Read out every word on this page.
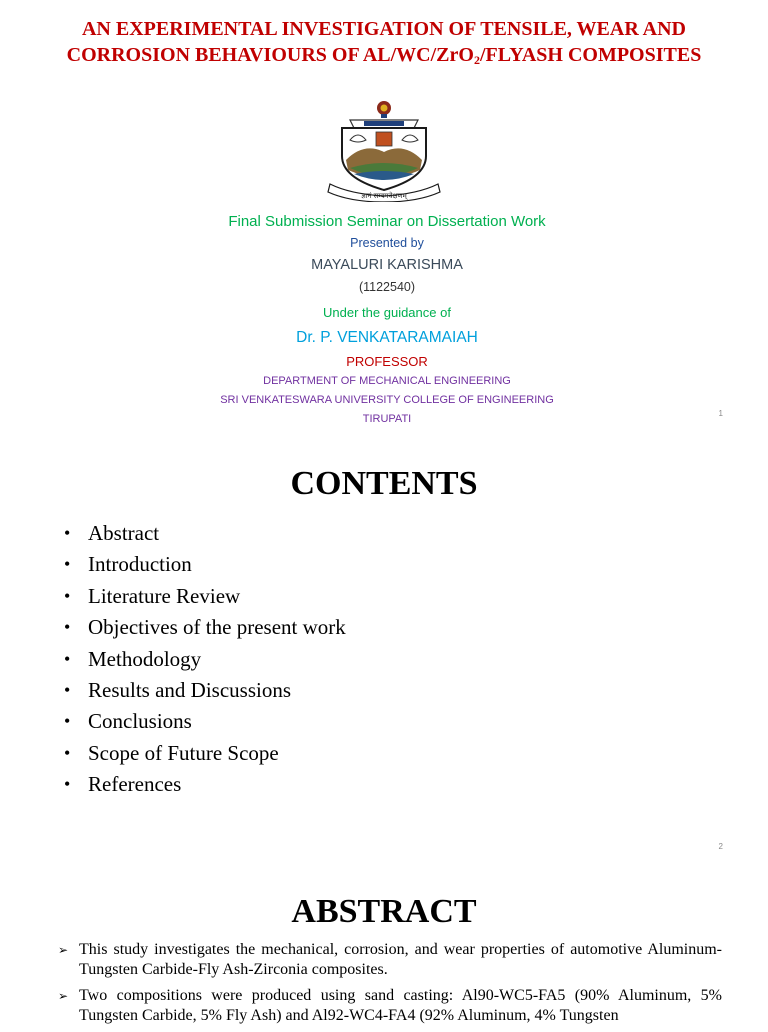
AN EXPERIMENTAL INVESTIGATION OF TENSILE, WEAR AND CORROSION BEHAVIOURS OF AL/WC/ZrO$_2$/FLYASH COMPOSITES
ज्ञानं सम्यगवेक्षणम्
Final Submission Seminar on Dissertation Work
Presented by
MAYALURI KARISHMA
(1122540)
Under the guidance of
Dr. P. VENKATARAMAIAH
PROFESSOR
DEPARTMENT OF MECHANICAL ENGINEERING
SRI VENKATESWARA UNIVERSITY COLLEGE OF ENGINEERING
TIRUPATI	1
CONTENTS
• Abstract
• Introduction
• Literature Review
• Objectives of the present work
• Methodology
• Results and Discussions
• Conclusions
• Scope of Future Scope
• References
2
ABSTRACT
➢ This study investigates the mechanical, corrosion, and wear properties of automotive Aluminum-Tungsten Carbide-Fly Ash-Zirconia composites.
➢ Two compositions were produced using sand casting: Al90-WC5-FA5 (90% Aluminum, 5% Tungsten Carbide, 5% Fly Ash) and Al92-WC4-FA4 (92% Aluminum, 4% Tungsten
